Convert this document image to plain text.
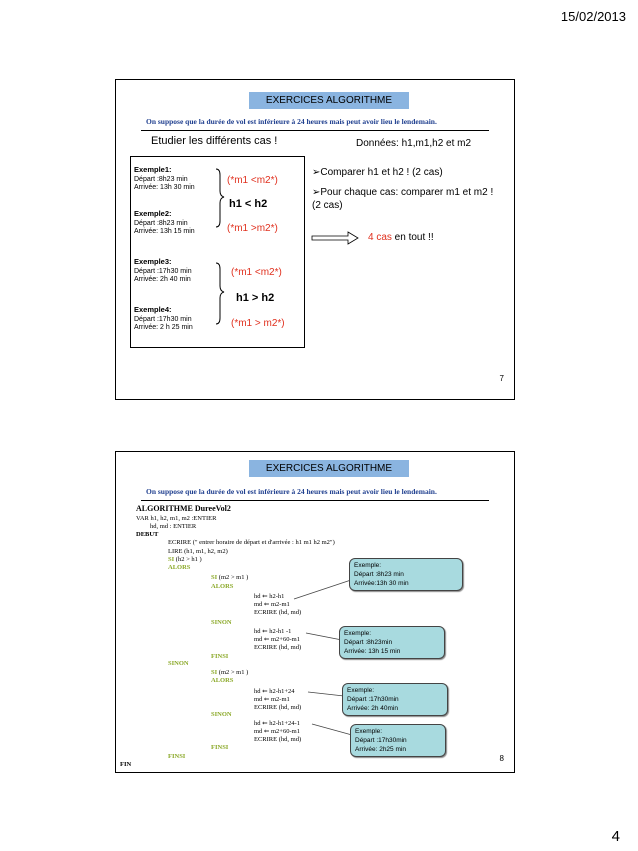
15/02/2013
EXERCICES ALGORITHME
On suppose que la durée de vol est inférieure à 24 heures mais peut avoir lieu le lendemain.
Etudier les différents cas !	Données: h1,m1,h2 et m2
Exemple1:
Départ :8h23 min
Arrivée: 13h 30 min
Exemple2:
Départ :8h23 min
Arrivée: 13h 15 min
Exemple3:
Départ :17h30 min
Arrivée: 2h 40 min
Exemple4:
Départ :17h30 min
Arrivée: 2 h 25 min
(*m1 <m2*)
(*m1 >m2*)
(*m1 <m2*)
(*m1 > m2*)
h1 < h2
h1 > h2
➢Comparer h1 et h2 ! (2 cas)
➢Pour chaque cas: comparer m1 et m2 ! (2 cas)
4 cas en tout !!
7
EXERCICES ALGORITHME
On suppose que la durée de vol est inférieure à 24 heures mais peut avoir lieu le lendemain.
ALGORITHME DureeVol2
VAR h1, h2, m1, m2 :ENTIER
hd, md : ENTIER
DEBUT
ECRIRE (" entrer horaire de départ et d'arrivée : h1 m1 h2 m2")
LIRE (h1, m1, h2, m2)
SI (h2 > h1 )
ALORS
SI (m2 > m1 )
ALORS
hd ⇐ h2-h1
md ⇐ m2-m1
ECRIRE (hd, md)
SINON
hd ⇐ h2-h1 -1
md ⇐ m2+60-m1
ECRIRE (hd, md)
FINSI
SINON
SI (m2 > m1 )
ALORS
hd ⇐ h2-h1+24
md ⇐ m2-m1
ECRIRE (hd, md)
SINON
hd ⇐ h2-h1+24-1
md ⇐ m2+60-m1
ECRIRE (hd, md)
FINSI
FINSI
FIN
Exemple:
Départ :8h23 min
Arrivée:13h 30 min
Exemple:
Départ :8h23min
Arrivée: 13h 15 min
Exemple:
Départ :17h30min
Arrivée: 2h 40min
Exemple:
Départ :17h30min
Arrivée: 2h25 min
8
4
